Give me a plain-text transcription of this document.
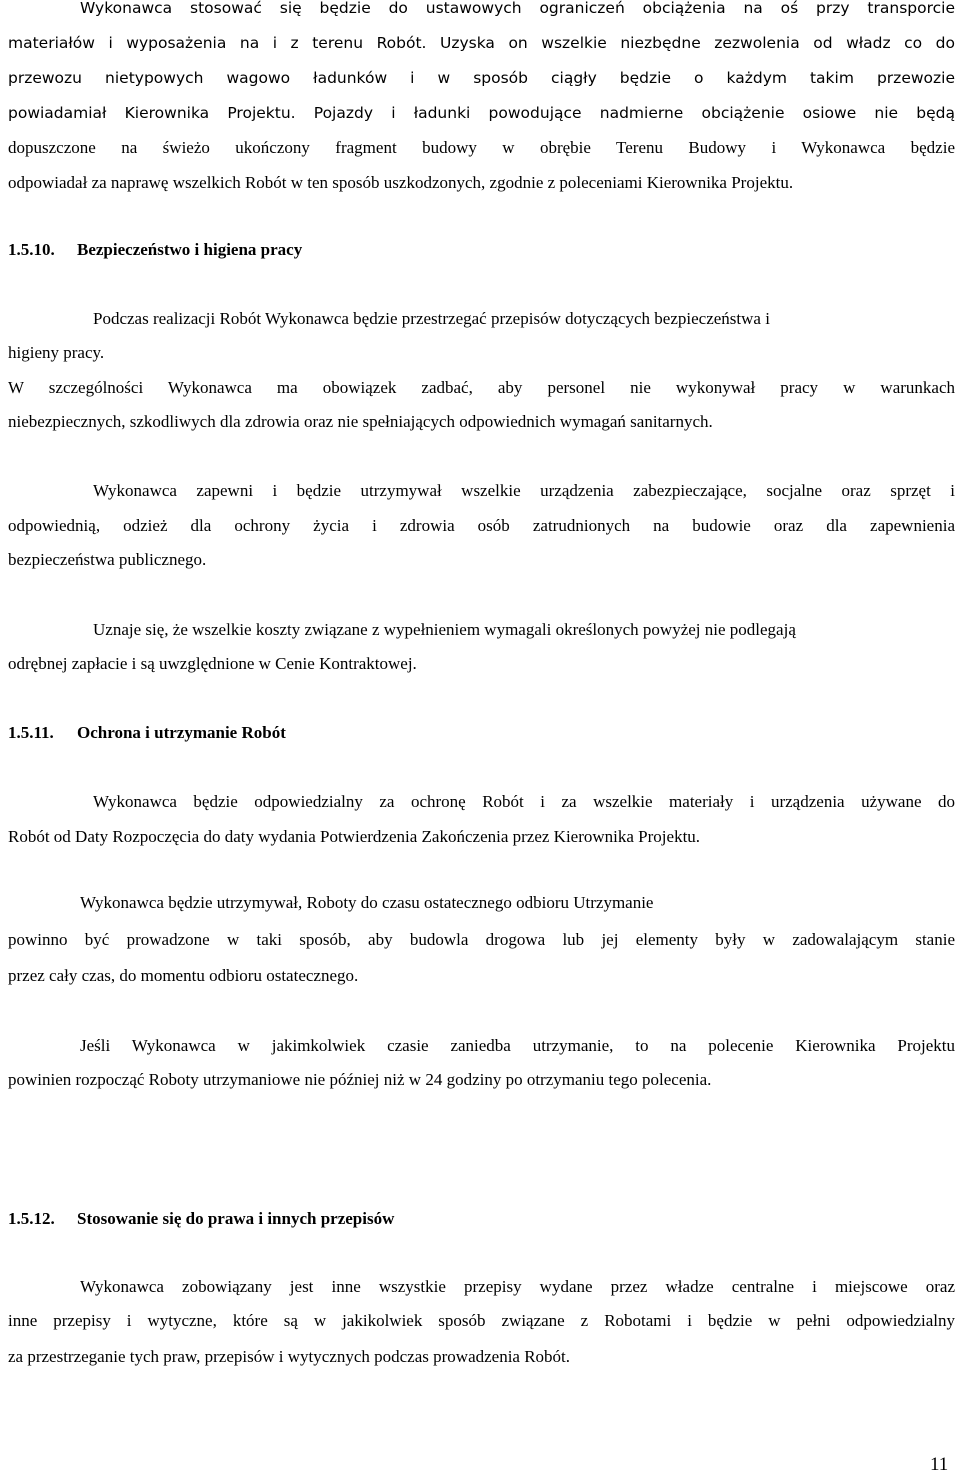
Wykonawca stosować się będzie do ustawowych ograniczeń obciążenia na oś przy transporcie
materiałów i wyposażenia na i z terenu Robót. Uzyska on wszelkie niezbędne zezwolenia od władz co do
przewozu nietypowych wagowo ładunków i w sposób ciągły będzie o każdym takim przewozie
powiadamiał Kierownika Projektu. Pojazdy i ładunki powodujące nadmierne obciążenie osiowe nie będą
dopuszczone na świeżo ukończony fragment budowy w obrębie Terenu Budowy i Wykonawca będzie
odpowiadał za naprawę wszelkich Robót w ten sposób uszkodzonych, zgodnie z poleceniami Kierownika Projektu.
1.5.10. Bezpieczeństwo i higiena pracy
Podczas realizacji Robót Wykonawca będzie przestrzegać przepisów dotyczących bezpieczeństwa i
higieny pracy.
W szczególności Wykonawca ma obowiązek zadbać, aby personel nie wykonywał pracy w warunkach
niebezpiecznych, szkodliwych dla zdrowia oraz nie spełniających odpowiednich wymagań sanitarnych.
Wykonawca zapewni i będzie utrzymywał wszelkie urządzenia zabezpieczające, socjalne oraz sprzęt i
odpowiednią, odzież dla ochrony życia i zdrowia osób zatrudnionych na budowie oraz dla zapewnienia
bezpieczeństwa publicznego.
Uznaje się, że wszelkie koszty związane z wypełnieniem wymagali określonych powyżej nie podlegają
odrębnej zapłacie i są uwzględnione w Cenie Kontraktowej.
1.5.11. Ochrona i utrzymanie Robót
Wykonawca będzie odpowiedzialny za ochronę Robót i za wszelkie materiały i urządzenia używane do
Robót od Daty Rozpoczęcia do daty wydania Potwierdzenia Zakończenia przez Kierownika Projektu.
Wykonawca będzie utrzymywał, Roboty do czasu ostatecznego odbioru Utrzymanie
powinno być prowadzone w taki sposób, aby budowla drogowa lub jej elementy były w zadowalającym stanie
przez cały czas, do momentu odbioru ostatecznego.
Jeśli Wykonawca w jakimkolwiek czasie zaniedba utrzymanie, to na polecenie Kierownika Projektu
powinien rozpocząć Roboty utrzymaniowe nie później niż w 24 godziny po otrzymaniu tego polecenia.
1.5.12. Stosowanie się do prawa i innych przepisów
Wykonawca zobowiązany jest inne wszystkie przepisy wydane przez władze centralne i miejscowe oraz
inne przepisy i wytyczne, które są w jakikolwiek sposób związane z Robotami i będzie w pełni odpowiedzialny
za przestrzeganie tych praw, przepisów i wytycznych podczas prowadzenia Robót.
11
